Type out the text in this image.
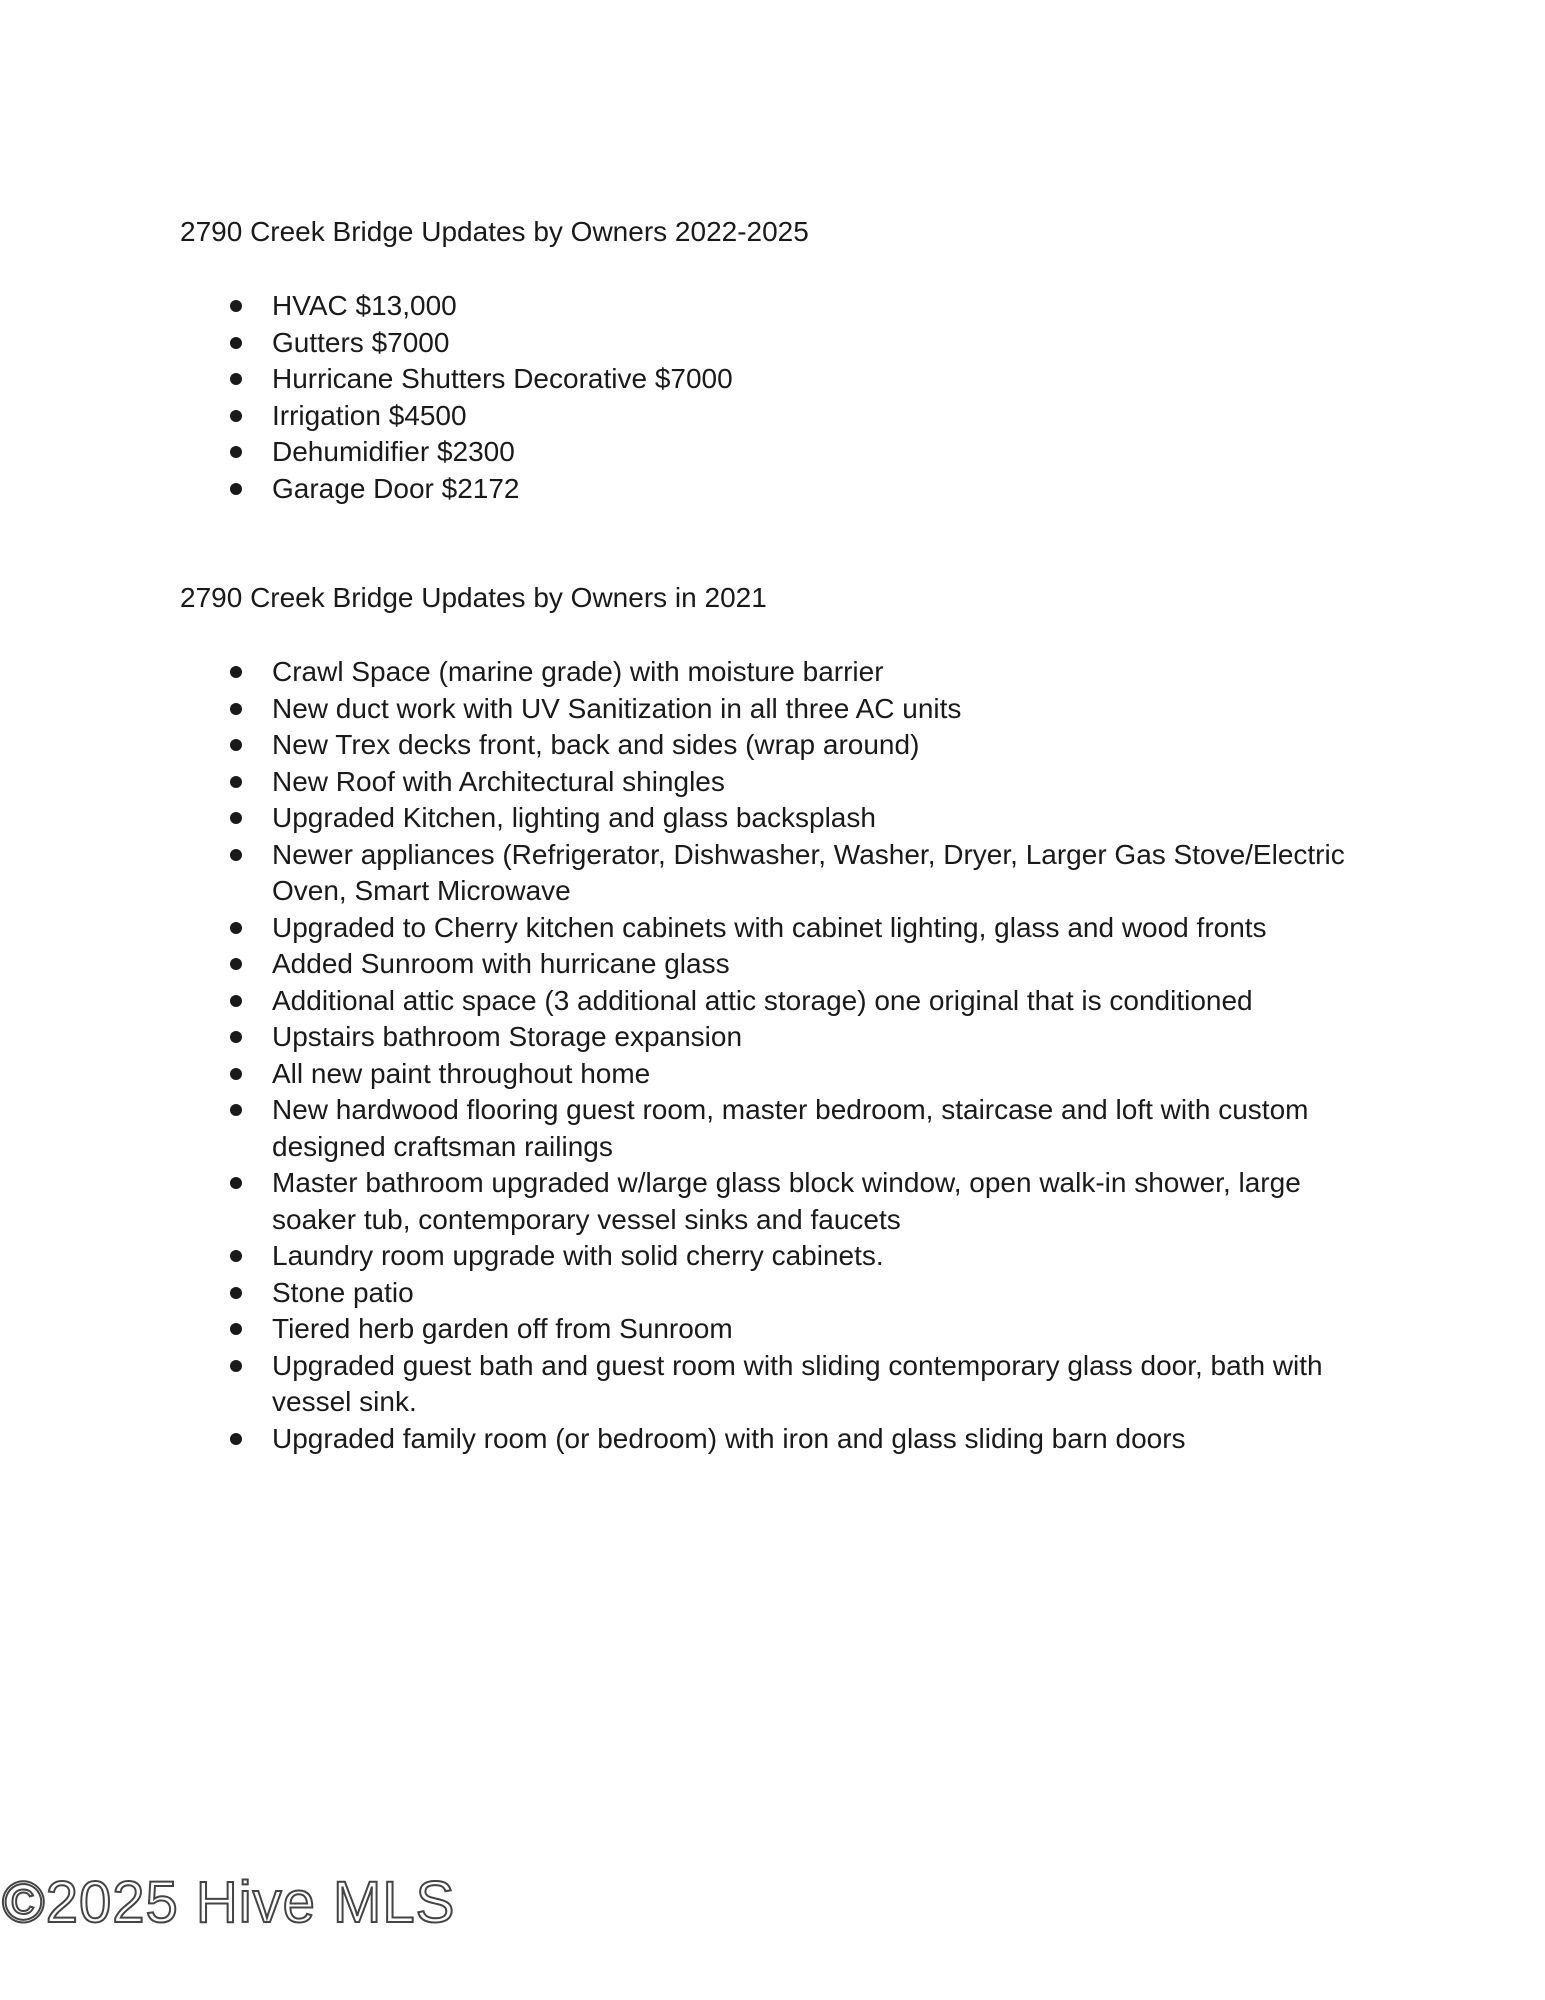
2790 Creek Bridge Updates by Owners 2022-2025
HVAC $13,000
Gutters $7000
Hurricane Shutters Decorative $7000
Irrigation $4500
Dehumidifier $2300
Garage Door $2172
2790 Creek Bridge Updates by Owners in 2021
Crawl Space (marine grade) with moisture barrier
New duct work with UV Sanitization in all three AC units
New Trex decks front, back and sides (wrap around)
New Roof with Architectural shingles
Upgraded Kitchen, lighting and glass backsplash
Newer appliances (Refrigerator, Dishwasher, Washer, Dryer, Larger Gas Stove/Electric Oven, Smart Microwave
Upgraded to Cherry kitchen cabinets with cabinet lighting, glass and wood fronts
Added Sunroom with hurricane glass
Additional attic space (3 additional attic storage) one original that is conditioned
Upstairs bathroom Storage expansion
All new paint throughout home
New hardwood flooring guest room, master bedroom, staircase and loft with custom designed craftsman railings
Master bathroom upgraded w/large glass block window, open walk-in shower, large soaker tub, contemporary vessel sinks and faucets
Laundry room upgrade with solid cherry cabinets.
Stone patio
Tiered herb garden off from Sunroom
Upgraded guest bath and guest room with sliding contemporary glass door, bath with vessel sink.
Upgraded family room (or bedroom) with iron and glass sliding barn doors
©2025 Hive MLS
